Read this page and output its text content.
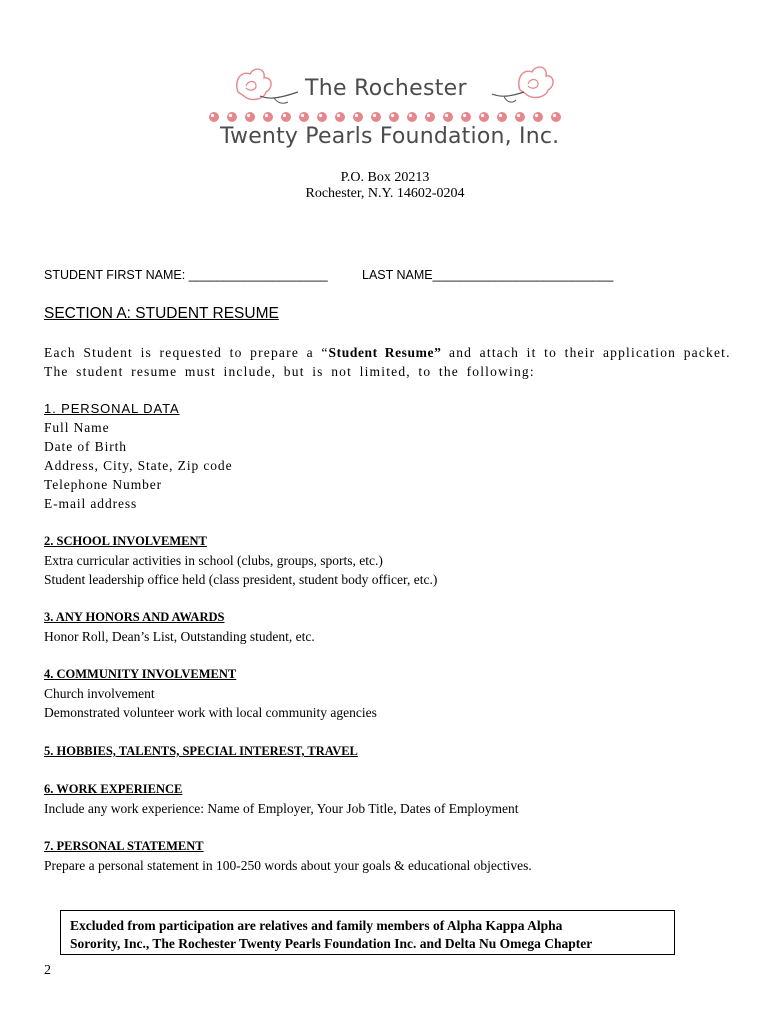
The Rochester
Twenty Pearls Foundation, Inc.
P.O. Box 20213
Rochester, N.Y. 14602-0204
STUDENT FIRST NAME: ____________________	LAST NAME__________________________
SECTION A: STUDENT RESUME
Each Student is requested to prepare a “Student Resume” and attach it to their application packet. The student resume must include, but is not limited, to the following:
1. PERSONAL DATA
Full Name
Date of Birth
Address, City, State, Zip code
Telephone Number
E-mail address
2. SCHOOL INVOLVEMENT
Extra curricular activities in school (clubs, groups, sports, etc.)
Student leadership office held (class president, student body officer, etc.)
3. ANY HONORS AND AWARDS
Honor Roll, Dean’s List, Outstanding student, etc.
4. COMMUNITY INVOLVEMENT
Church involvement
Demonstrated volunteer work with local community agencies
5. HOBBIES, TALENTS, SPECIAL INTEREST, TRAVEL
6. WORK EXPERIENCE
Include any work experience: Name of Employer, Your Job Title, Dates of Employment
7. PERSONAL STATEMENT
Prepare a personal statement in 100-250 words about your goals & educational objectives.
Excluded from participation are relatives and family members of Alpha Kappa Alpha
Sorority, Inc., The Rochester Twenty Pearls Foundation Inc. and Delta Nu Omega Chapter
2
